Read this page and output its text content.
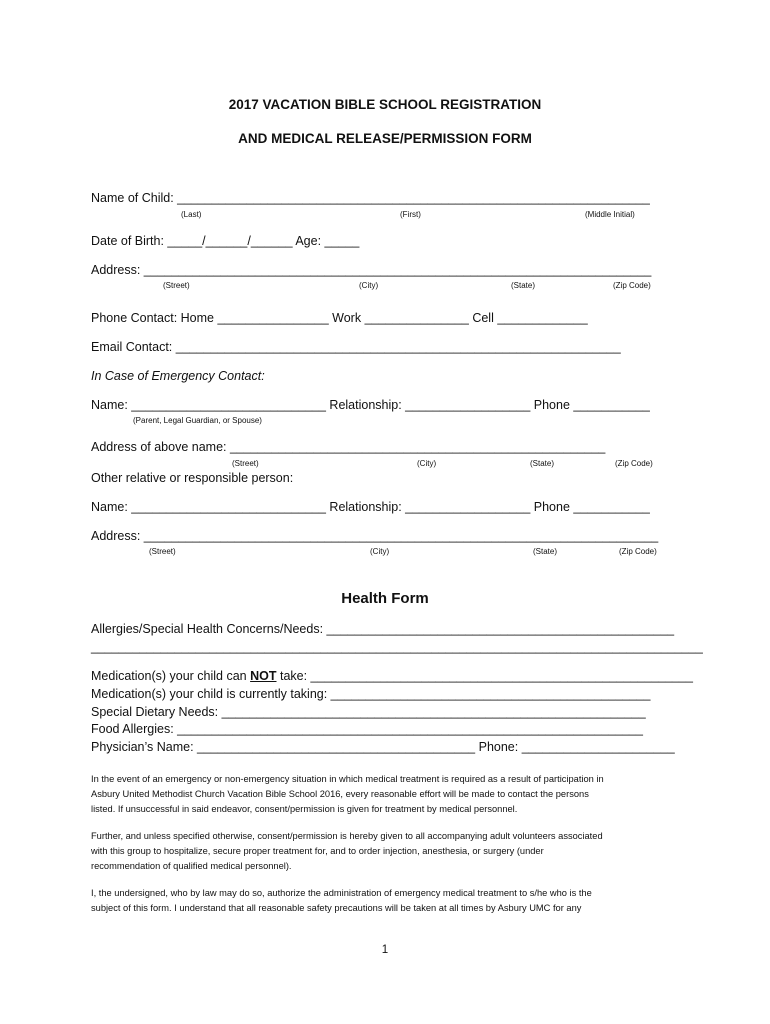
2017 VACATION BIBLE SCHOOL REGISTRATION
AND MEDICAL RELEASE/PERMISSION FORM
Name of Child: ____________________________________________________________________
(Last)	(First)	(Middle Initial)
Date of Birth: _____/______/______ Age: _____
Address: _________________________________________________________________________
(Street)	(City)	(State)	(Zip Code)
Phone Contact: Home ________________ Work _______________ Cell _____________
Email Contact: ________________________________________________________________
In Case of Emergency Contact:
Name: ____________________________ Relationship: __________________ Phone ___________
(Parent, Legal Guardian, or Spouse)
Address of above name: ______________________________________________________
(Street)	(City)	(State)	(Zip Code)
Other relative or responsible person:
Name: ____________________________ Relationship: __________________ Phone ___________
Address: __________________________________________________________________________
(Street)	(City)	(State)	(Zip Code)
Health Form
Allergies/Special Health Concerns/Needs: __________________________________________________
________________________________________________________________________________________
Medication(s) your child can NOT take: _______________________________________________________
Medication(s) your child is currently taking: ______________________________________________
Special Dietary Needs: _____________________________________________________________
Food Allergies: ___________________________________________________________________
Physician’s Name: ________________________________________ Phone: ______________________
In the event of an emergency or non-emergency situation in which medical treatment is required as a result of participation in
Asbury United Methodist Church Vacation Bible School 2016, every reasonable effort will be made to contact the persons
listed. If unsuccessful in said endeavor, consent/permission is given for treatment by medical personnel.
Further, and unless specified otherwise, consent/permission is hereby given to all accompanying adult volunteers associated
with this group to hospitalize, secure proper treatment for, and to order injection, anesthesia, or surgery (under
recommendation of qualified medical personnel).
I, the undersigned, who by law may do so, authorize the administration of emergency medical treatment to s/he who is the
subject of this form. I understand that all reasonable safety precautions will be taken at all times by Asbury UMC for any
1
